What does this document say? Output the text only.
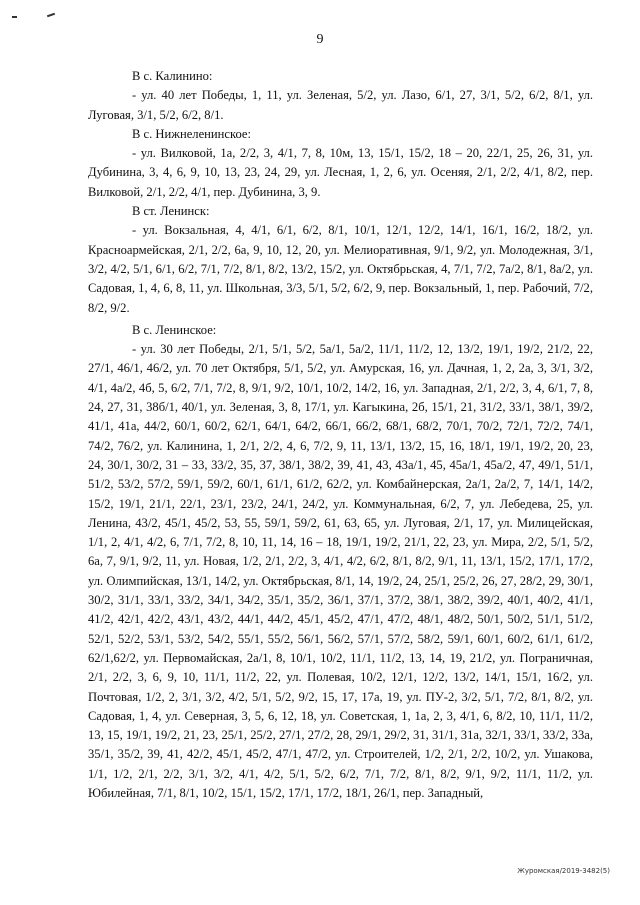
9

В с. Калинино:

- ул. 40 лет Победы, 1, 11, ул. Зеленая, 5/2, ул. Лазо, 6/1, 27, 3/1, 5/2, 6/2, 8/1, ул. Луговая, 3/1, 5/2, 6/2, 8/1.

В с. Нижнеленинское:

- ул. Вилковой, 1а, 2/2, 3, 4/1, 7, 8, 10м, 13, 15/1, 15/2, 18 – 20, 22/1, 25, 26, 31, ул. Дубинина, 3, 4, 6, 9, 10, 13, 23, 24, 29, ул. Лесная, 1, 2, 6, ул. Осеняя, 2/1, 2/2, 4/1, 8/2, пер. Вилковой, 2/1, 2/2, 4/1, пер. Дубинина, 3, 9.

В ст. Ленинск:

- ул. Вокзальная, 4, 4/1, 6/1, 6/2, 8/1, 10/1, 12/1, 12/2, 14/1, 16/1, 16/2, 18/2, ул. Красноармейская, 2/1, 2/2, 6а, 9, 10, 12, 20, ул. Мелиоративная, 9/1, 9/2, ул. Молодежная, 3/1, 3/2, 4/2, 5/1, 6/1, 6/2, 7/1, 7/2, 8/1, 8/2, 13/2, 15/2, ул. Октябрьская, 4, 7/1, 7/2, 7а/2, 8/1, 8а/2, ул. Садовая, 1, 4, 6, 8, 11, ул. Школьная, 3/3, 5/1, 5/2, 6/2, 9, пер. Вокзальный, 1, пер. Рабочий, 7/2, 8/2, 9/2.

В с. Ленинское:

- ул. 30 лет Победы, 2/1, 5/1, 5/2, 5а/1, 5а/2, 11/1, 11/2, 12, 13/2, 19/1, 19/2, 21/2, 22, 27/1, 46/1, 46/2, ул. 70 лет Октября, 5/1, 5/2, ул. Амурская, 16, ул. Дачная, 1, 2, 2а, 3, 3/1, 3/2, 4/1, 4а/2, 4б, 5, 6/2, 7/1, 7/2, 8, 9/1, 9/2, 10/1, 10/2, 14/2, 16, ул. Западная, 2/1, 2/2, 3, 4, 6/1, 7, 8, 24, 27, 31, 38б/1, 40/1, ул. Зеленая, 3, 8, 17/1, ул. Кагыкина, 2б, 15/1, 21, 31/2, 33/1, 38/1, 39/2, 41/1, 41а, 44/2, 60/1, 60/2, 62/1, 64/1, 64/2, 66/1, 66/2, 68/1, 68/2, 70/1, 70/2, 72/1, 72/2, 74/1, 74/2, 76/2, ул. Калинина, 1, 2/1, 2/2, 4, 6, 7/2, 9, 11, 13/1, 13/2, 15, 16, 18/1, 19/1, 19/2, 20, 23, 24, 30/1, 30/2, 31 – 33, 33/2, 35, 37, 38/1, 38/2, 39, 41, 43, 43а/1, 45, 45а/1, 45а/2, 47, 49/1, 51/1, 51/2, 53/2, 57/2, 59/1, 59/2, 60/1, 61/1, 61/2, 62/2, ул. Комбайнерская, 2а/1, 2а/2, 7, 14/1, 14/2, 15/2, 19/1, 21/1, 22/1, 23/1, 23/2, 24/1, 24/2, ул. Коммунальная, 6/2, 7, ул. Лебедева, 25, ул. Ленина, 43/2, 45/1, 45/2, 53, 55, 59/1, 59/2, 61, 63, 65, ул. Луговая, 2/1, 17, ул. Милицейская, 1/1, 2, 4/1, 4/2, 6, 7/1, 7/2, 8, 10, 11, 14, 16 – 18, 19/1, 19/2, 21/1, 22, 23, ул. Мира, 2/2, 5/1, 5/2, 6а, 7, 9/1, 9/2, 11, ул. Новая, 1/2, 2/1, 2/2, 3, 4/1, 4/2, 6/2, 8/1, 8/2, 9/1, 11, 13/1, 15/2, 17/1, 17/2, ул. Олимпийская, 13/1, 14/2, ул. Октябрьская, 8/1, 14, 19/2, 24, 25/1, 25/2, 26, 27, 28/2, 29, 30/1, 30/2, 31/1, 33/1, 33/2, 34/1, 34/2, 35/1, 35/2, 36/1, 37/1, 37/2, 38/1, 38/2, 39/2, 40/1, 40/2, 41/1, 41/2, 42/1, 42/2, 43/1, 43/2, 44/1, 44/2, 45/1, 45/2, 47/1, 47/2, 48/1, 48/2, 50/1, 50/2, 51/1, 51/2, 52/1, 52/2, 53/1, 53/2, 54/2, 55/1, 55/2, 56/1, 56/2, 57/1, 57/2, 58/2, 59/1, 60/1, 60/2, 61/1, 61/2, 62/1,62/2, ул. Первомайская, 2а/1, 8, 10/1, 10/2, 11/1, 11/2, 13, 14, 19, 21/2, ул. Пограничная, 2/1, 2/2, 3, 6, 9, 10, 11/1, 11/2, 22, ул. Полевая, 10/2, 12/1, 12/2, 13/2, 14/1, 15/1, 16/2, ул. Почтовая, 1/2, 2, 3/1, 3/2, 4/2, 5/1, 5/2, 9/2, 15, 17, 17а, 19, ул. ПУ-2, 3/2, 5/1, 7/2, 8/1, 8/2, ул. Садовая, 1, 4, ул. Северная, 3, 5, 6, 12, 18, ул. Советская, 1, 1а, 2, 3, 4/1, 6, 8/2, 10, 11/1, 11/2, 13, 15, 19/1, 19/2, 21, 23, 25/1, 25/2, 27/1, 27/2, 28, 29/1, 29/2, 31, 31/1, 31а, 32/1, 33/1, 33/2, 33а, 35/1, 35/2, 39, 41, 42/2, 45/1, 45/2, 47/1, 47/2, ул. Строителей, 1/2, 2/1, 2/2, 10/2, ул. Ушакова, 1/1, 1/2, 2/1, 2/2, 3/1, 3/2, 4/1, 4/2, 5/1, 5/2, 6/2, 7/1, 7/2, 8/1, 8/2, 9/1, 9/2, 11/1, 11/2, ул. Юбилейная, 7/1, 8/1, 10/2, 15/1, 15/2, 17/1, 17/2, 18/1, 26/1, пер. Западный,

Журомская/2019-3482(5)
